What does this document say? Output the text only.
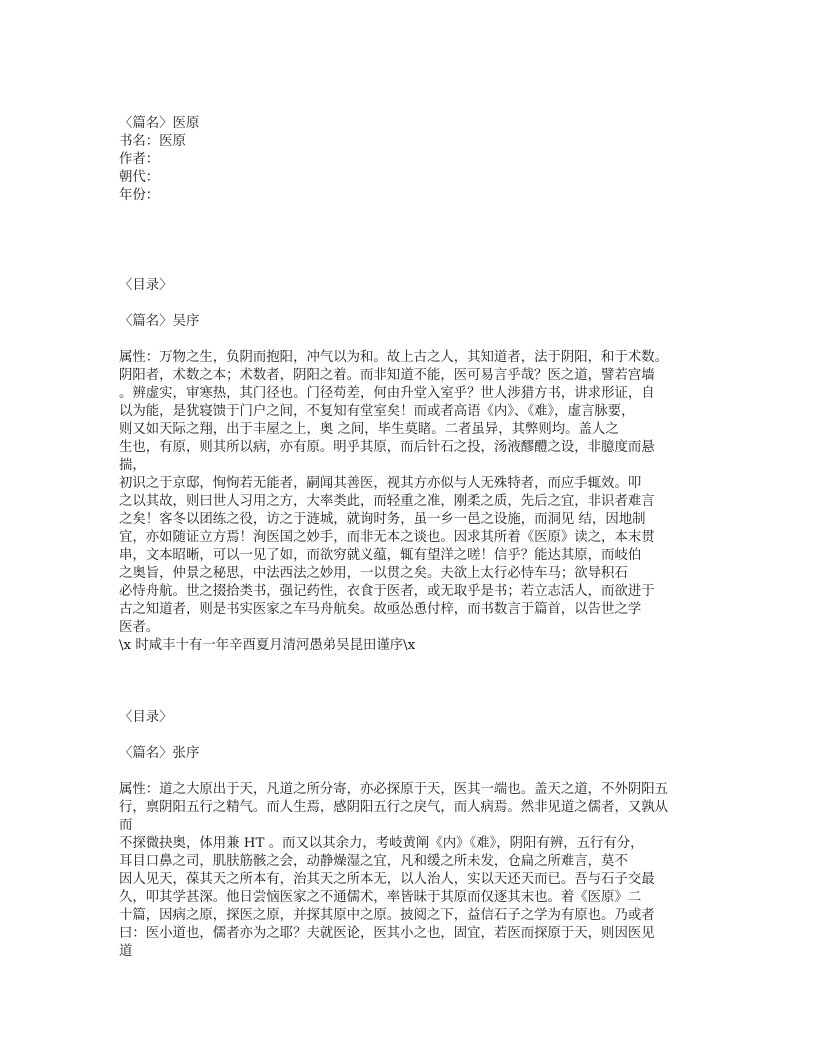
〈篇名〉医原
书名：医原
作者：
朝代：
年份：
〈目录〉
〈篇名〉吴序
属性：万物之生，负阴而抱阳，冲气以为和。故上古之人，其知道者，法于阴阳，和于术数。
阴阳者，术数之本；术数者，阴阳之着。而非知道不能，医可易言乎哉？医之道，譬若宫墙
。辨虚实，审寒热，其门径也。门径苟差，何由升堂入室乎？世人涉猎方书，讲求形证，自
以为能，是犹寝馈于门户之间，不复知有堂室矣！而或者高语《内》、《难》，虚言脉要，
则又如天际之翔，出于丰屋之上，奥 之间，毕生莫睹。二者虽异，其弊则均。盖人之
生也，有原，则其所以病，亦有原。明乎其原，而后针石之投，汤液醪醴之设，非臆度而悬
揣，
初识之于京邸，恂恂若无能者，嗣闻其善医，视其方亦似与人无殊特者，而应手辄效。叩
之以其故，则曰世人习用之方，大率类此，而轻重之准，刚柔之质，先后之宜，非识者难言
之矣！客冬以团练之役，访之于涟城，就询时务，虽一乡一邑之设施，而洞见 结，因地制
宜，亦如随证立方焉！洵医国之妙手，而非无本之谈也。因求其所着《医原》读之，本末贯
串，文本昭晰，可以一见了如，而欲穷就义蕴，辄有望洋之嗟！信乎？能达其原，而岐伯
之奥旨，仲景之秘思，中法西法之妙用，一以贯之矣。夫欲上太行必恃车马；欲导积石
必恃舟航。世之掇拾类书，强记药性，衣食于医者，或无取乎是书；若立志活人，而欲进于
古之知道者，则是书实医家之车马舟航矣。故亟怂恿付梓，而书数言于篇首，以告世之学
医者。
\x 时咸丰十有一年辛酉夏月清河愚弟吴昆田谨序\x
〈目录〉
〈篇名〉张序
属性：道之大原出于天，凡道之所分寄，亦必探原于天，医其一端也。盖天之道，不外阴阳五
行，禀阴阳五行之精气。而人生焉，感阴阳五行之戾气，而人病焉。然非见道之儒者，又孰从
而
不探微抉奥，体用兼 HT 。而又以其余力，考岐黄阐《内》《难》，阴阳有辨，五行有分，
耳目口鼻之司，肌肤筋骸之会，动静燥湿之宜，凡和缓之所未发，仓扁之所难言，莫不
因人见天，葆其天之所本有，治其天之所本无，以人治人，实以天还天而已。吾与石子交最
久，叩其学甚深。他日尝恼医家之不通儒术，率皆昧于其原而仅逐其末也。着《医原》二
十篇，因病之原，探医之原，并探其原中之原。披阅之下，益信石子之学为有原也。乃或者
曰：医小道也，儒者亦为之耶？夫就医论，医其小之也，固宜，若医而探原于天，则因医见
道
